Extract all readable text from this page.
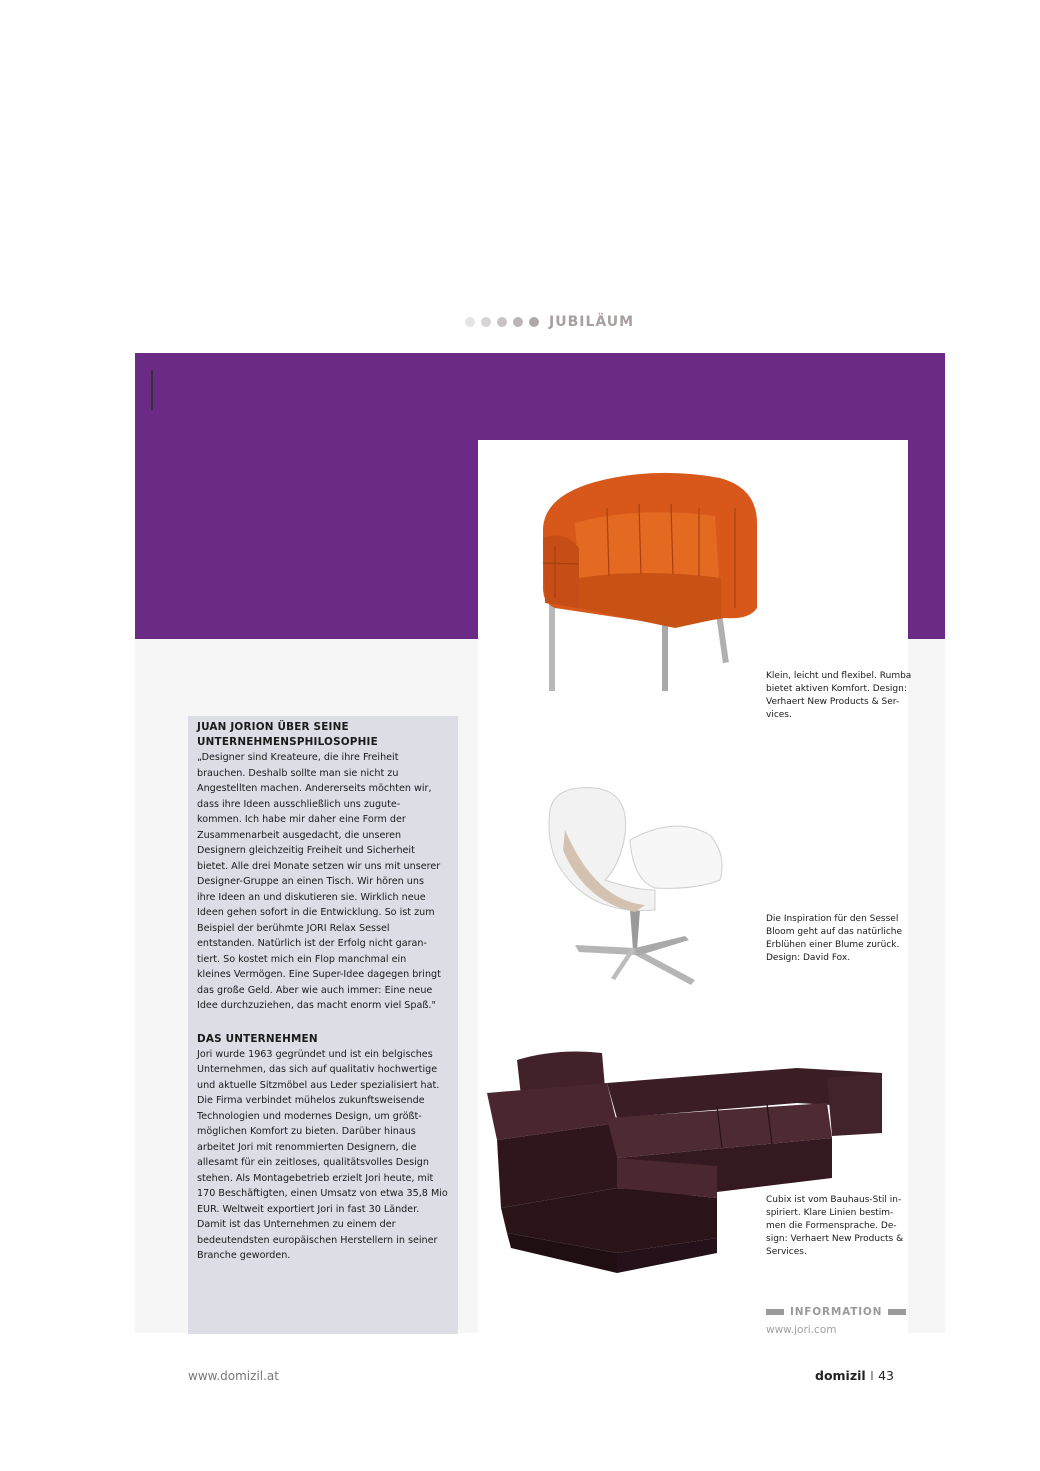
JUBILÄUM
JUAN JORION ÜBER SEINE
UNTERNEHMENSPHILOSOPHIE

„Designer sind Kreateure, die ihre Freiheit
brauchen. Deshalb sollte man sie nicht zu
Angestellten machen. Andererseits möchten wir,
dass ihre Ideen ausschließlich uns zugute-
kommen. Ich habe mir daher eine Form der
Zusammenarbeit ausgedacht, die unseren
Designern gleichzeitig Freiheit und Sicherheit
bietet. Alle drei Monate setzen wir uns mit unserer
Designer-Gruppe an einen Tisch. Wir hören uns
ihre Ideen an und diskutieren sie. Wirklich neue
Ideen gehen sofort in die Entwicklung. So ist zum
Beispiel der berühmte JORI Relax Sessel
entstanden. Natürlich ist der Erfolg nicht garan-
tiert. So kostet mich ein Flop manchmal ein
kleines Vermögen. Eine Super-Idee dagegen bringt
das große Geld. Aber wie auch immer: Eine neue
Idee durchzuziehen, das macht enorm viel Spaß."

DAS UNTERNEHMEN

Jori wurde 1963 gegründet und ist ein belgisches
Unternehmen, das sich auf qualitativ hochwertige
und aktuelle Sitzmöbel aus Leder spezialisiert hat.
Die Firma verbindet mühelos zukunftsweisende
Technologien und modernes Design, um größt-
möglichen Komfort zu bieten. Darüber hinaus
arbeitet Jori mit renommierten Designern, die
allesamt für ein zeitloses, qualitätsvolles Design
stehen. Als Montagebetrieb erzielt Jori heute, mit
170 Beschäftigten, einen Umsatz von etwa 35,8 Mio
EUR. Weltweit exportiert Jori in fast 30 Länder.
Damit ist das Unternehmen zu einem der
bedeutendsten europäischen Herstellern in seiner
Branche geworden.

Klein, leicht und flexibel. Rumba
bietet aktiven Komfort. Design:
Verhaert New Products & Ser-
vices.
Die Inspiration für den Sessel
Bloom geht auf das natürliche
Erblühen einer Blume zurück.
Design: David Fox.
Cubix ist vom Bauhaus-Stil in-
spiriert. Klare Linien bestim-
men die Formensprache. De-
sign: Verhaert New Products &
Services.
INFORMATION
www.jori.com
www.domizil.at	domizil I 43
